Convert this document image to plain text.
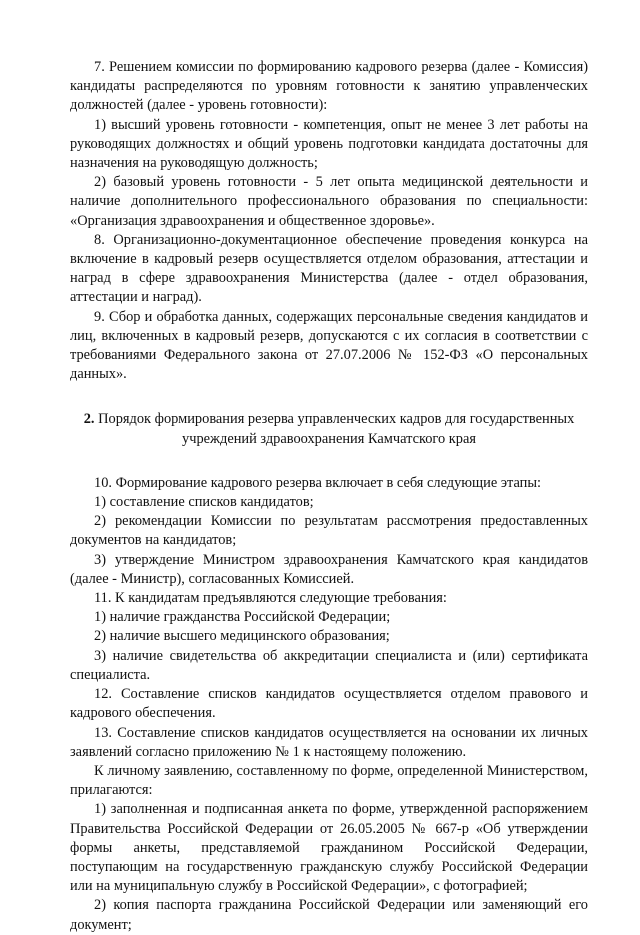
7. Решением комиссии по формированию кадрового резерва (далее - Комиссия) кандидаты распределяются по уровням готовности к занятию управленческих должностей (далее - уровень готовности):

1) высший уровень готовности - компетенция, опыт не менее 3 лет работы на руководящих должностях и общий уровень подготовки кандидата достаточны для назначения на руководящую должность;

2) базовый уровень готовности - 5 лет опыта медицинской деятельности и наличие дополнительного профессионального образования по специальности: «Организация здравоохранения и общественное здоровье».

8. Организационно-документационное обеспечение проведения конкурса на включение в кадровый резерв осуществляется отделом образования, аттестации и наград в сфере здравоохранения Министерства (далее - отдел образования, аттестации и наград).

9. Сбор и обработка данных, содержащих персональные сведения кандидатов и лиц, включенных в кадровый резерв, допускаются с их согласия в соответствии с требованиями Федерального закона от 27.07.2006 № 152-ФЗ «О персональных данных».

2. Порядок формирования резерва управленческих кадров для государственных
учреждений здравоохранения Камчатского края

10. Формирование кадрового резерва включает в себя следующие этапы:

1) составление списков кандидатов;

2) рекомендации Комиссии по результатам рассмотрения предоставленных документов на кандидатов;

3) утверждение Министром здравоохранения Камчатского края кандидатов (далее - Министр), согласованных Комиссией.

11. К кандидатам предъявляются следующие требования:

1) наличие гражданства Российской Федерации;

2) наличие высшего медицинского образования;

3) наличие свидетельства об аккредитации специалиста и (или) сертификата специалиста.

12. Составление списков кандидатов осуществляется отделом правового и кадрового обеспечения.

13. Составление списков кандидатов осуществляется на основании их личных заявлений согласно приложению № 1 к настоящему положению.

К личному заявлению, составленному по форме, определенной Министерством, прилагаются:

1) заполненная и подписанная анкета по форме, утвержденной распоряжением Правительства Российской Федерации от 26.05.2005 № 667-р «Об утверждении формы анкеты, представляемой гражданином Российской Федерации, поступающим на государственную гражданскую службу Российской Федерации или на муниципальную службу в Российской Федерации», с фотографией;

2) копия паспорта гражданина Российской Федерации или заменяющий его документ;
